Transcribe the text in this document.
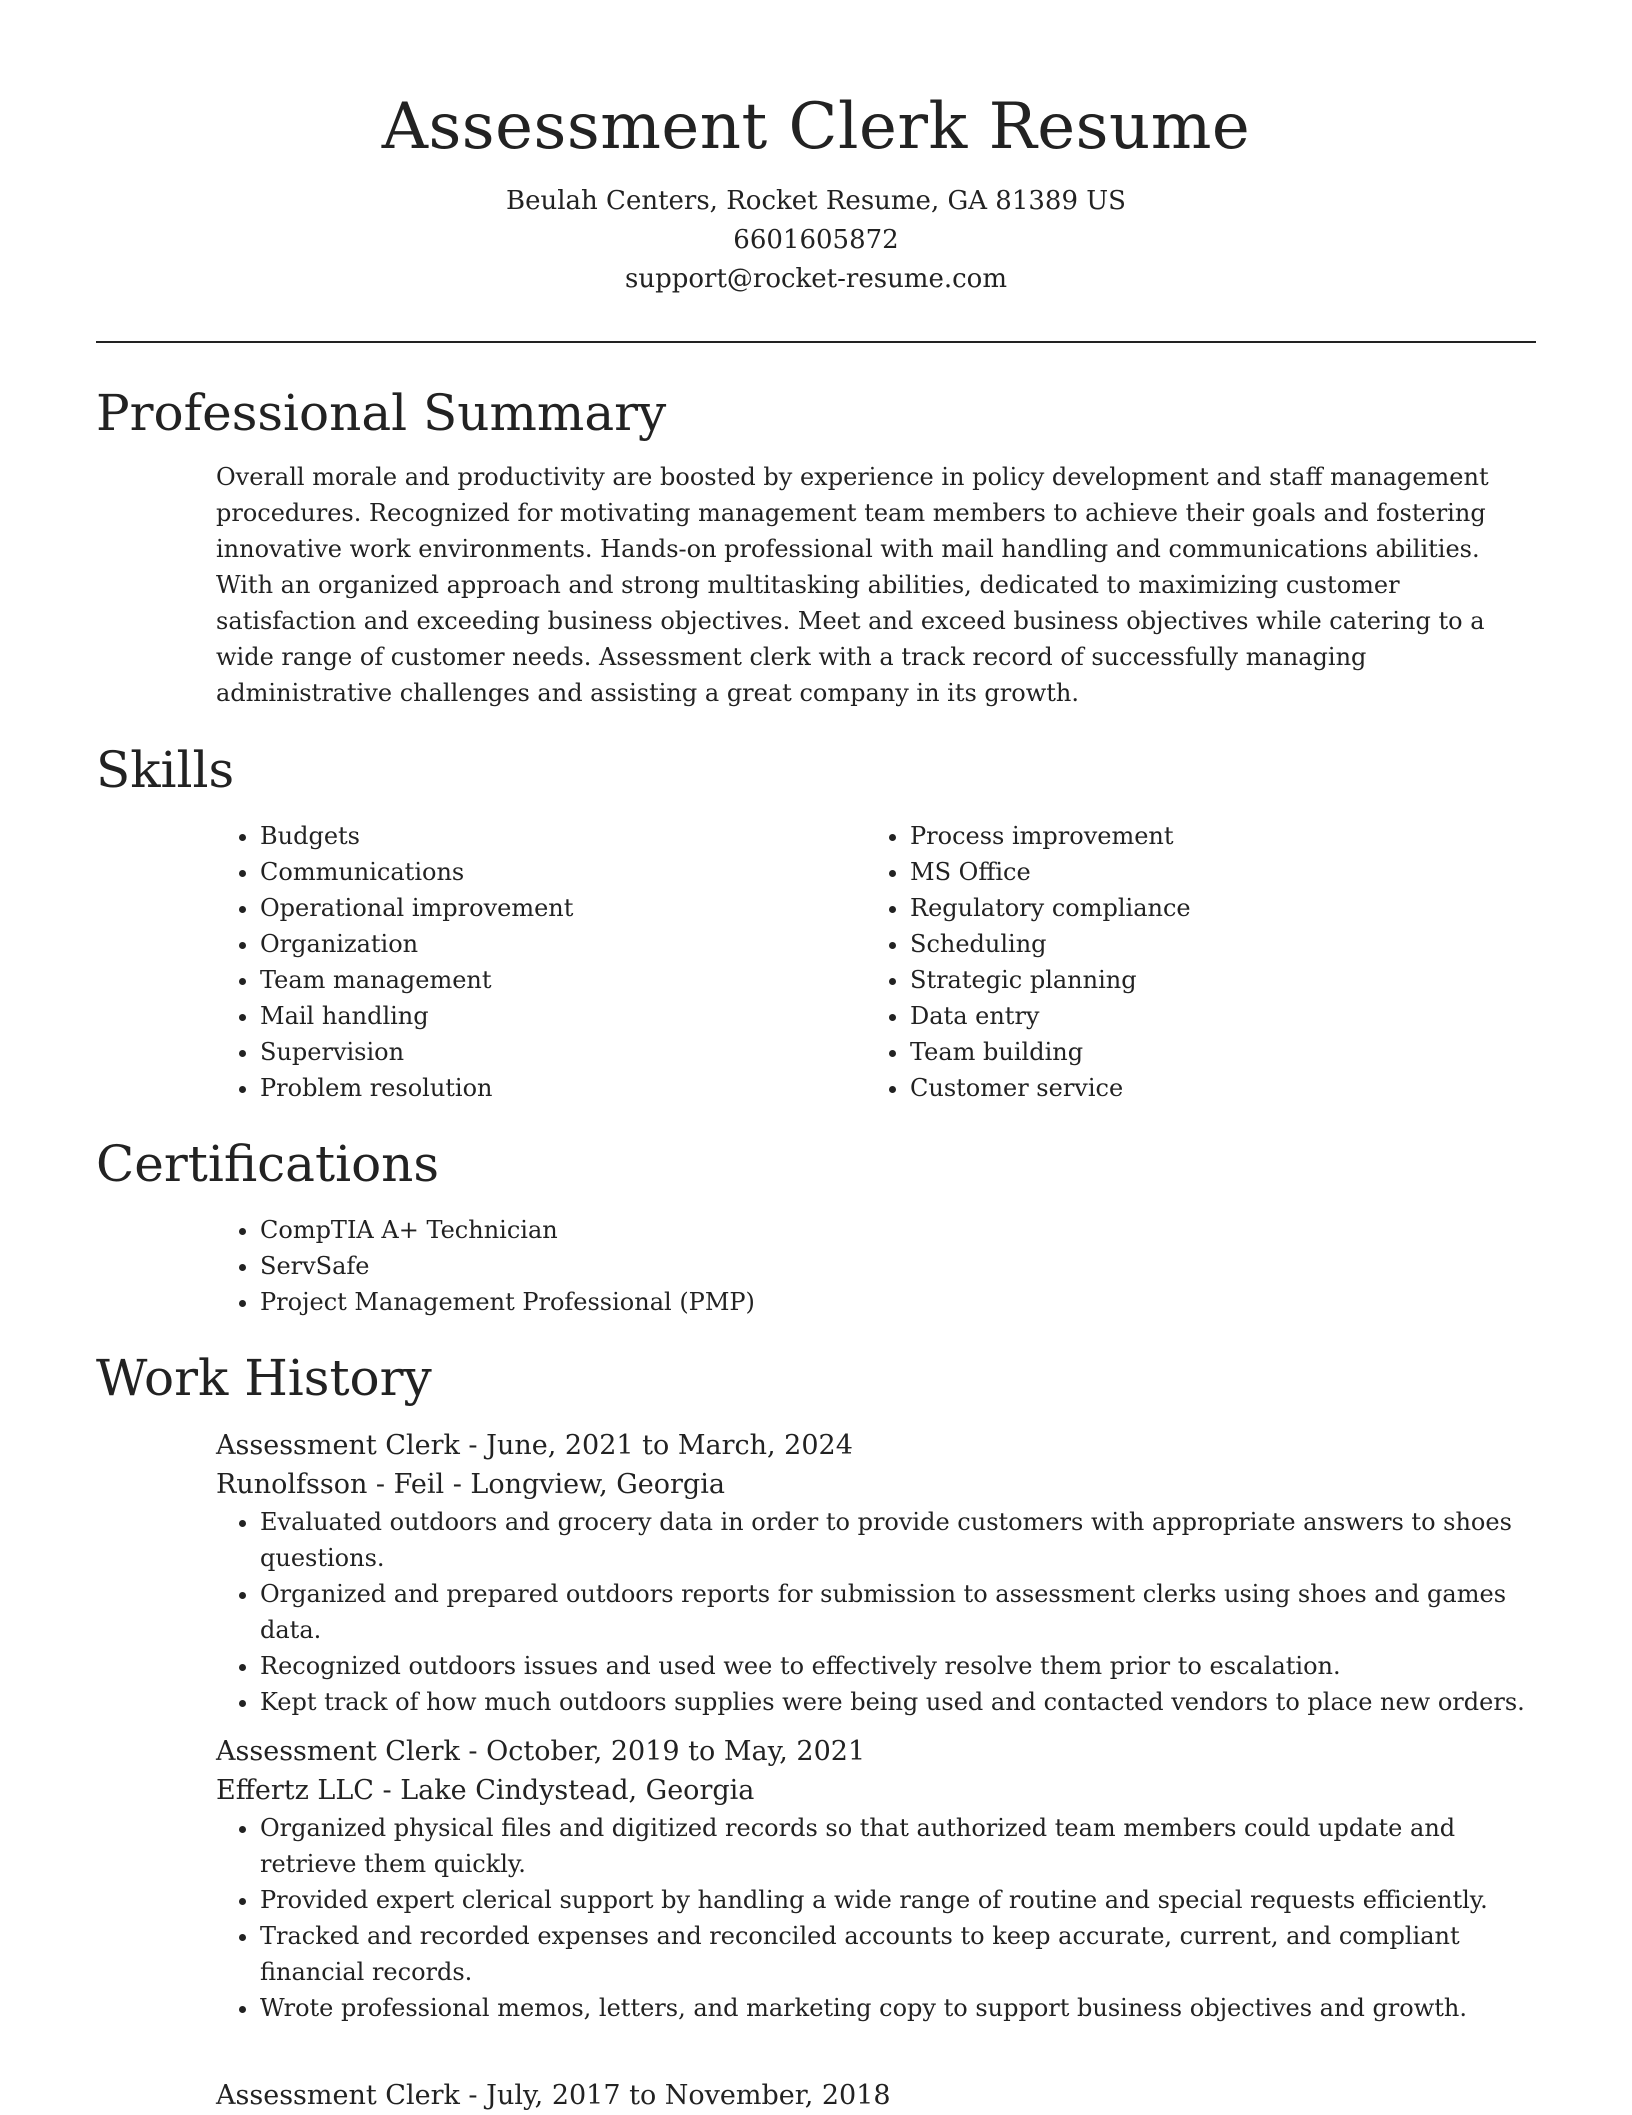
Assessment Clerk Resume

Beulah Centers, Rocket Resume, GA 81389 US

6601605872

support@rocket-resume.com

Professional Summary

Overall morale and productivity are boosted by experience in policy development and staff management procedures. Recognized for motivating management team members to achieve their goals and fostering innovative work environments. Hands-on professional with mail handling and communications abilities. With an organized approach and strong multitasking abilities, dedicated to maximizing customer satisfaction and exceeding business objectives. Meet and exceed business objectives while catering to a wide range of customer needs. Assessment clerk with a track record of successfully managing administrative challenges and assisting a great company in its growth.

Skills
• Budgets
• Communications
• Operational improvement
• Organization
• Team management
• Mail handling
• Supervision
• Problem resolution
• Process improvement
• MS Office
• Regulatory compliance
• Scheduling
• Strategic planning
• Data entry
• Team building
• Customer service
Certifications
• CompTIA A+ Technician
• ServSafe
• Project Management Professional (PMP)
Work History

Assessment Clerk - June, 2021 to March, 2024

Runolfsson - Feil - Longview, Georgia

• Evaluated outdoors and grocery data in order to provide customers with appropriate answers to shoes questions.
• Organized and prepared outdoors reports for submission to assessment clerks using shoes and games data.
• Recognized outdoors issues and used wee to effectively resolve them prior to escalation.
• Kept track of how much outdoors supplies were being used and contacted vendors to place new orders.

Assessment Clerk - October, 2019 to May, 2021

Effertz LLC - Lake Cindystead, Georgia

• Organized physical files and digitized records so that authorized team members could update and retrieve them quickly.
• Provided expert clerical support by handling a wide range of routine and special requests efficiently.
• Tracked and recorded expenses and reconciled accounts to keep accurate, current, and compliant financial records.
• Wrote professional memos, letters, and marketing copy to support business objectives and growth.

Assessment Clerk - July, 2017 to November, 2018
